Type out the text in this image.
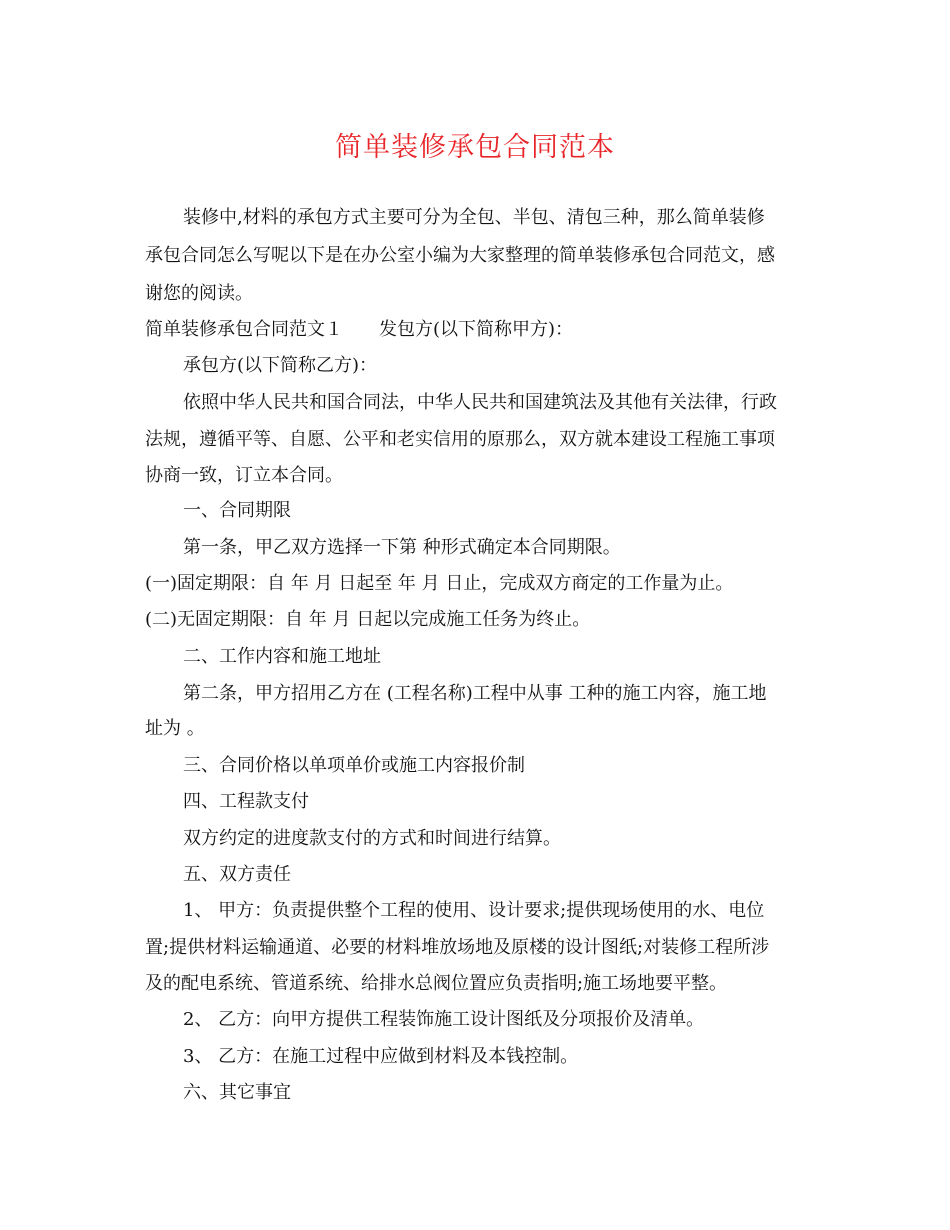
简单装修承包合同范本
装修中,材料的承包方式主要可分为全包、半包、清包三种，那么简单装修
承包合同怎么写呢以下是在办公室小编为大家整理的简单装修承包合同范文，感
谢您的阅读。
简单装修承包合同范文１ 发包方(以下简称甲方)：
承包方(以下简称乙方)：
依照中华人民共和国合同法，中华人民共和国建筑法及其他有关法律，行政
法规，遵循平等、自愿、公平和老实信用的原那么，双方就本建设工程施工事项
协商一致，订立本合同。
一、合同期限
第一条，甲乙双方选择一下第 种形式确定本合同期限。
(一)固定期限：自 年 月 日起至 年 月 日止，完成双方商定的工作量为止。
(二)无固定期限：自 年 月 日起以完成施工任务为终止。
二、工作内容和施工地址
第二条，甲方招用乙方在 (工程名称)工程中从事 工种的施工内容，施工地
址为 。
三、合同价格以单项单价或施工内容报价制
四、工程款支付
双方约定的进度款支付的方式和时间进行结算。
五、双方责任
1、 甲方：负责提供整个工程的使用、设计要求;提供现场使用的水、电位
置;提供材料运输通道、必要的材料堆放场地及原楼的设计图纸;对装修工程所涉
及的配电系统、管道系统、给排水总阀位置应负责指明;施工场地要平整。
2、 乙方：向甲方提供工程装饰施工设计图纸及分项报价及清单。
3、 乙方：在施工过程中应做到材料及本钱控制。
六、其它事宜
